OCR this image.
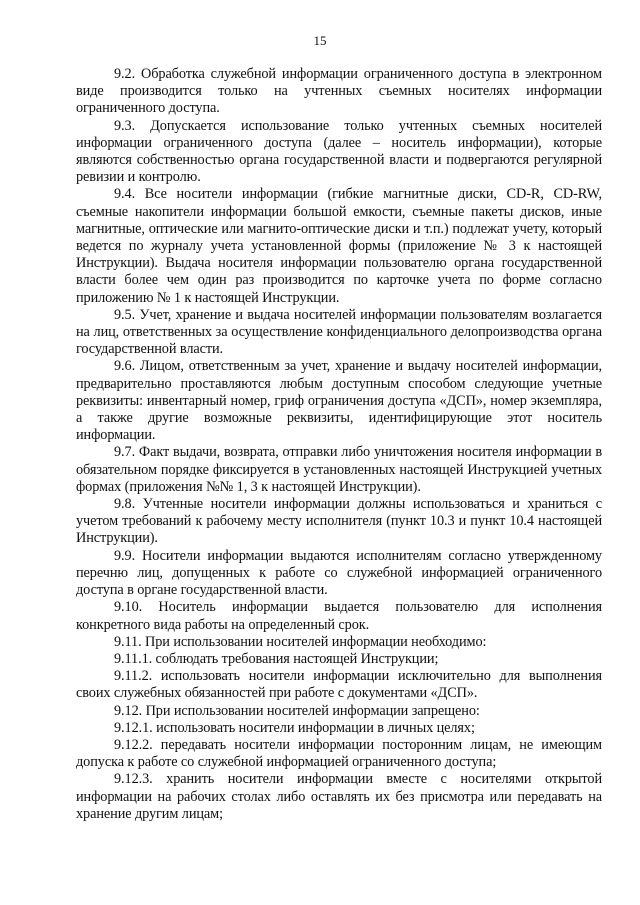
15

9.2. Обработка служебной информации ограниченного доступа в электронном виде производится только на учтенных съемных носителях информации ограниченного доступа.

9.3. Допускается использование только учтенных съемных носителей информации ограниченного доступа (далее – носитель информации), которые являются собственностью органа государственной власти и подвергаются регулярной ревизии и контролю.

9.4. Все носители информации (гибкие магнитные диски, CD-R, CD-RW, съемные накопители информации большой емкости, съемные пакеты дисков, иные магнитные, оптические или магнито-оптические диски и т.п.) подлежат учету, который ведется по журналу учета установленной формы (приложение № 3 к настоящей Инструкции). Выдача носителя информации пользователю органа государственной власти более чем один раз производится по карточке учета по форме согласно приложению № 1 к настоящей Инструкции.

9.5. Учет, хранение и выдача носителей информации пользователям возлагается на лиц, ответственных за осуществление конфиденциального делопроизводства органа государственной власти.

9.6. Лицом, ответственным за учет, хранение и выдачу носителей информации, предварительно проставляются любым доступным способом следующие учетные реквизиты: инвентарный номер, гриф ограничения доступа «ДСП», номер экземпляра, а также другие возможные реквизиты, идентифицирующие этот носитель информации.

9.7. Факт выдачи, возврата, отправки либо уничтожения носителя информации в обязательном порядке фиксируется в установленных настоящей Инструкцией учетных формах (приложения №№ 1, 3 к настоящей Инструкции).

9.8. Учтенные носители информации должны использоваться и храниться с учетом требований к рабочему месту исполнителя (пункт 10.3 и пункт 10.4 настоящей Инструкции).

9.9. Носители информации выдаются исполнителям согласно утвержденному перечню лиц, допущенных к работе со служебной информацией ограниченного доступа в органе государственной власти.

9.10. Носитель информации выдается пользователю для исполнения конкретного вида работы на определенный срок.

9.11. При использовании носителей информации необходимо:

9.11.1. соблюдать требования настоящей Инструкции;

9.11.2. использовать носители информации исключительно для выполнения своих служебных обязанностей при работе с документами «ДСП».

9.12. При использовании носителей информации запрещено:

9.12.1. использовать носители информации в личных целях;

9.12.2. передавать носители информации посторонним лицам, не имеющим допуска к работе со служебной информацией ограниченного доступа;

9.12.3. хранить носители информации вместе с носителями открытой информации на рабочих столах либо оставлять их без присмотра или передавать на хранение другим лицам;
